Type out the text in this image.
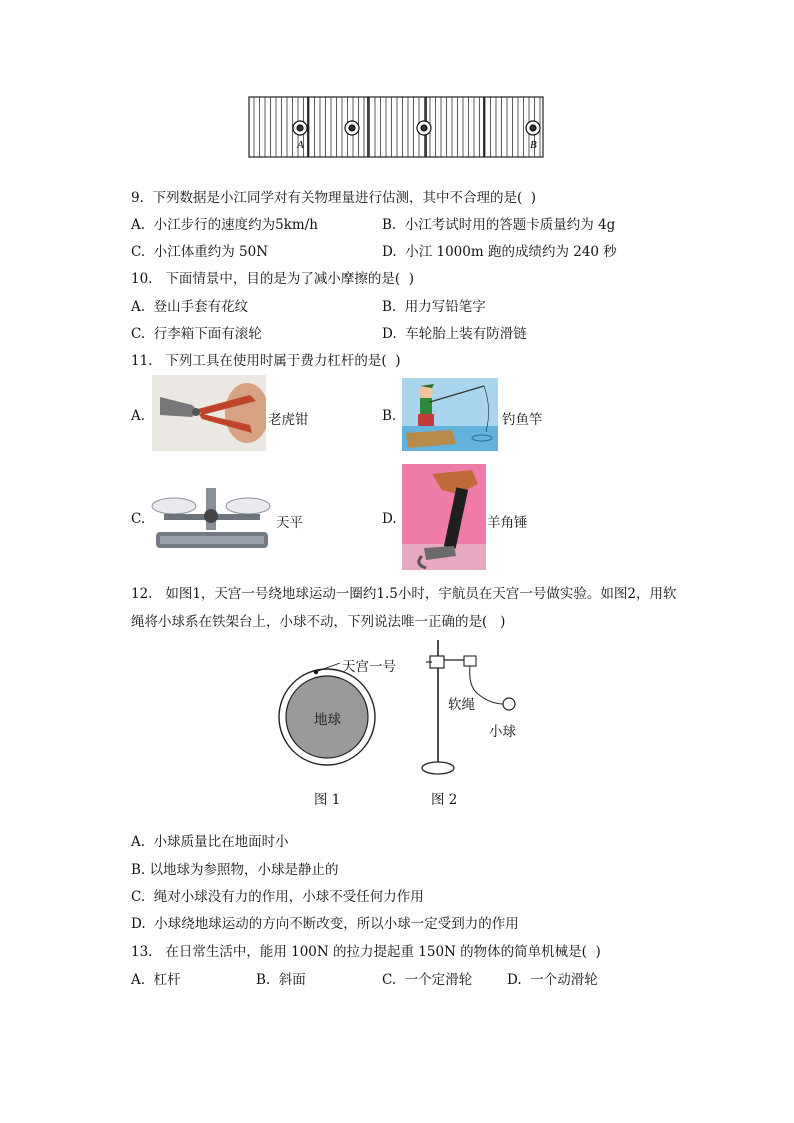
A	B
9.  下列数据是小江同学对有关物理量进行估测，其中不合理的是(  )
A.  小江步行的速度约为5km/h	B.  小江考试时用的答题卡质量约为 4g
C.  小江体重约为 50N	D.  小江 1000m 跑的成绩约为 240 秒
10.   下面情景中，目的是为了减小摩擦的是(  )
A.  登山手套有花纹	B.  用力写铅笔字
C.  行李箱下面有滚轮	D.  车轮胎上装有防滑链
11.   下列工具在使用时属于费力杠杆的是(  )
A.	老虎钳	B.	钓鱼竿
C.	天平	D.	羊角锤
12.   如图1，天宫一号绕地球运动一圈约1.5小时，宇航员在天宫一号做实验。如图2，用软
绳将小球系在铁架台上，小球不动，下列说法唯一正确的是(   )
天宫一号
地球
图 1
软绳
小球
图 2
A.  小球质量比在地面时小
B. 以地球为参照物，小球是静止的
C.  绳对小球没有力的作用，小球不受任何力作用
D.  小球绕地球运动的方向不断改变，所以小球一定受到力的作用
13.   在日常生活中，能用 100N 的拉力提起重 150N 的物体的简单机械是(  )
A.  杠杆	B.  斜面	C.  一个定滑轮	D.  一个动滑轮
